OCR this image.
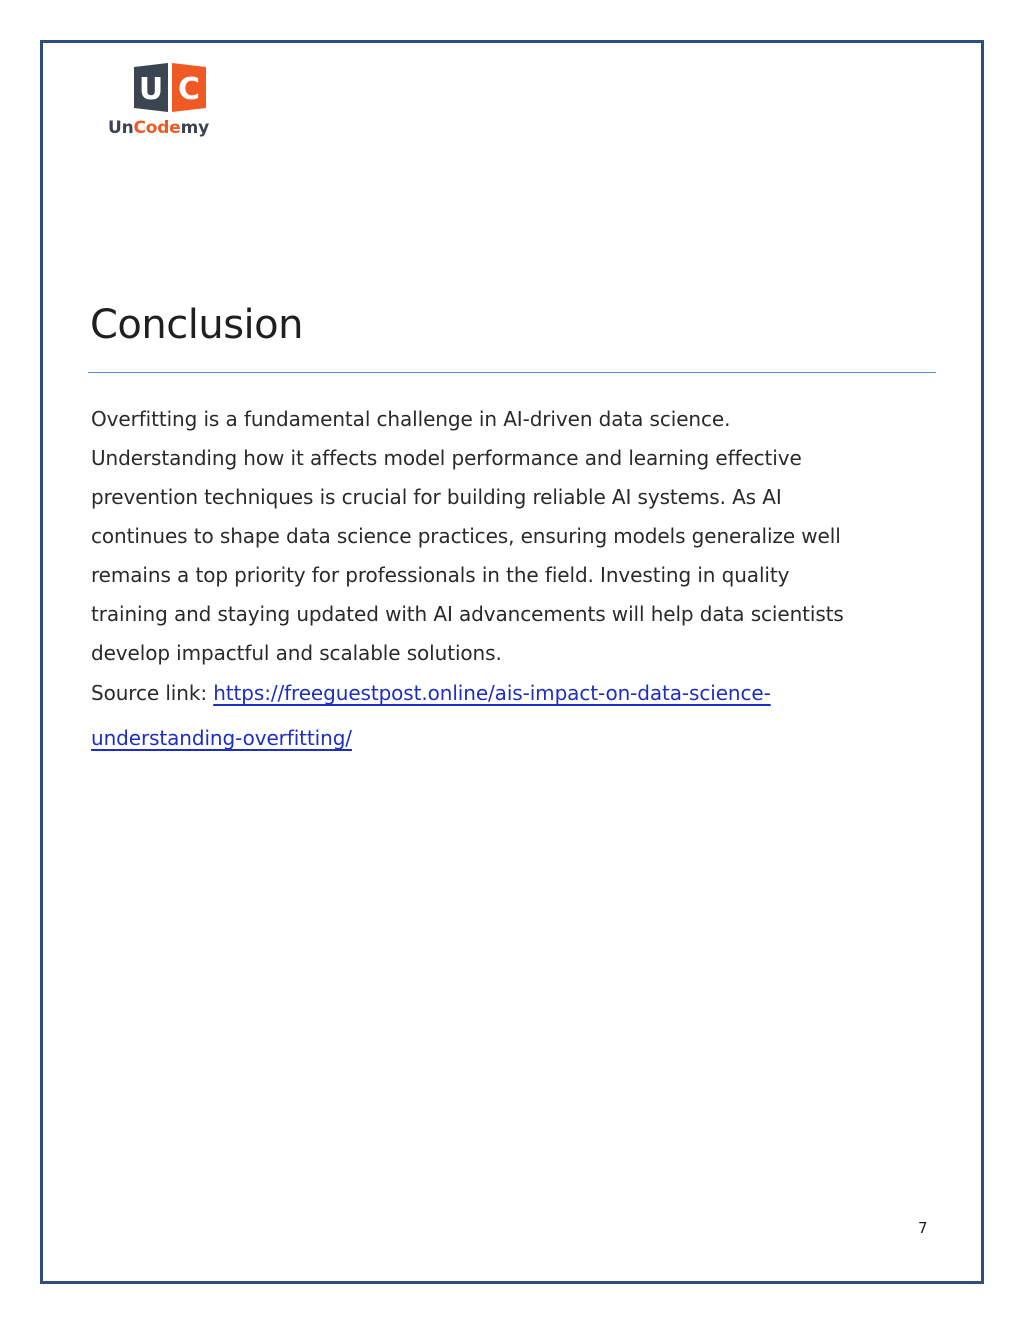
U C
UnCodemy
Conclusion

Overfitting is a fundamental challenge in AI-driven data science.
Understanding how it affects model performance and learning effective
prevention techniques is crucial for building reliable AI systems. As AI
continues to shape data science practices, ensuring models generalize well
remains a top priority for professionals in the field. Investing in quality
training and staying updated with AI advancements will help data scientists
develop impactful and scalable solutions.

Source link: https://freeguestpost.online/ais-impact-on-data-science-
understanding-overfitting/
7
